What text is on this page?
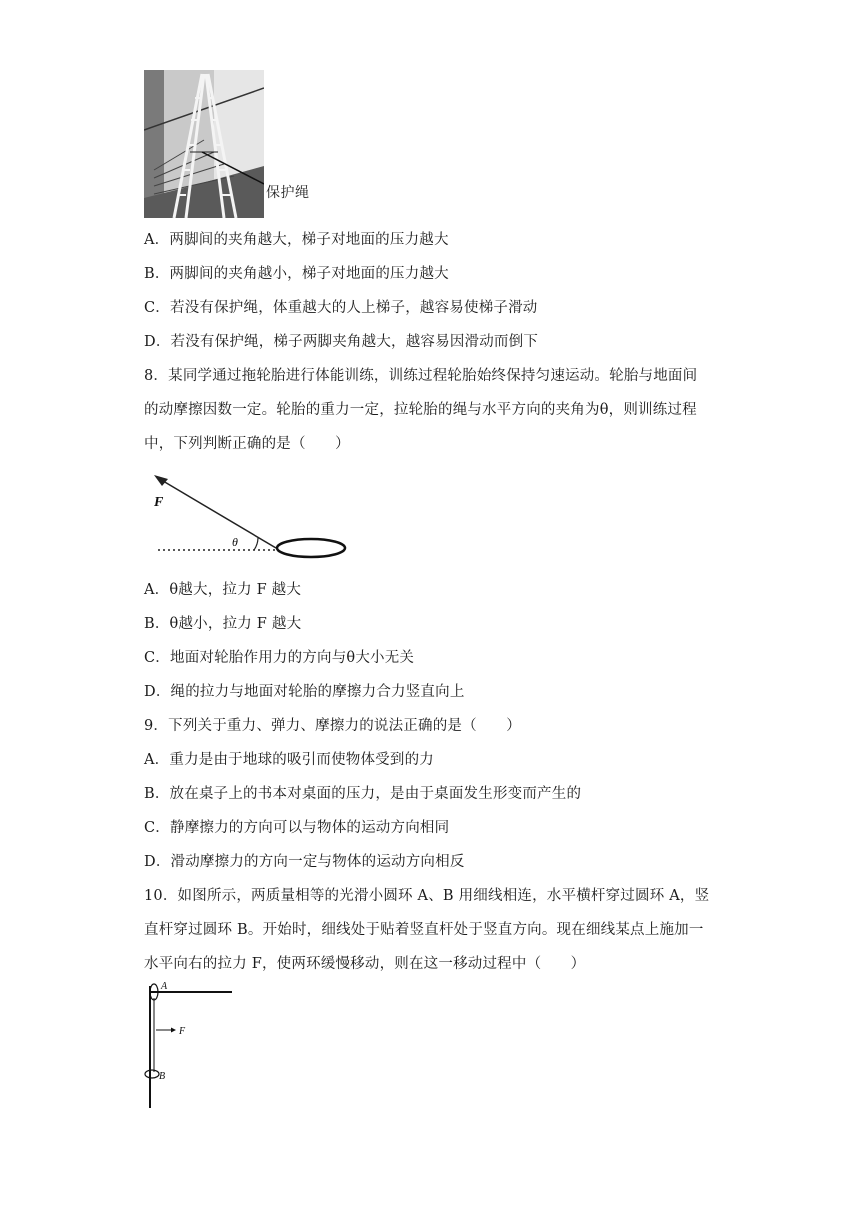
保护绳
A．两脚间的夹角越大，梯子对地面的压力越大
B．两脚间的夹角越小，梯子对地面的压力越大
C．若没有保护绳，体重越大的人上梯子，越容易使梯子滑动
D．若没有保护绳，梯子两脚夹角越大，越容易因滑动而倒下
8．某同学通过拖轮胎进行体能训练，训练过程轮胎始终保持匀速运动。轮胎与地面间
的动摩擦因数一定。轮胎的重力一定，拉轮胎的绳与水平方向的夹角为θ，则训练过程
中，下列判断正确的是（　　）
F
θ
A．θ越大，拉力 F 越大
B．θ越小，拉力 F 越大
C．地面对轮胎作用力的方向与θ大小无关
D．绳的拉力与地面对轮胎的摩擦力合力竖直向上
9．下列关于重力、弹力、摩擦力的说法正确的是（　　）
A．重力是由于地球的吸引而使物体受到的力
B．放在桌子上的书本对桌面的压力，是由于桌面发生形变而产生的
C．静摩擦力的方向可以与物体的运动方向相同
D．滑动摩擦力的方向一定与物体的运动方向相反
10．如图所示，两质量相等的光滑小圆环 A、B 用细线相连，水平横杆穿过圆环 A，竖
直杆穿过圆环 B。开始时，细线处于贴着竖直杆处于竖直方向。现在细线某点上施加一
水平向右的拉力 F，使两环缓慢移动，则在这一移动过程中（　　）
A
F
B
